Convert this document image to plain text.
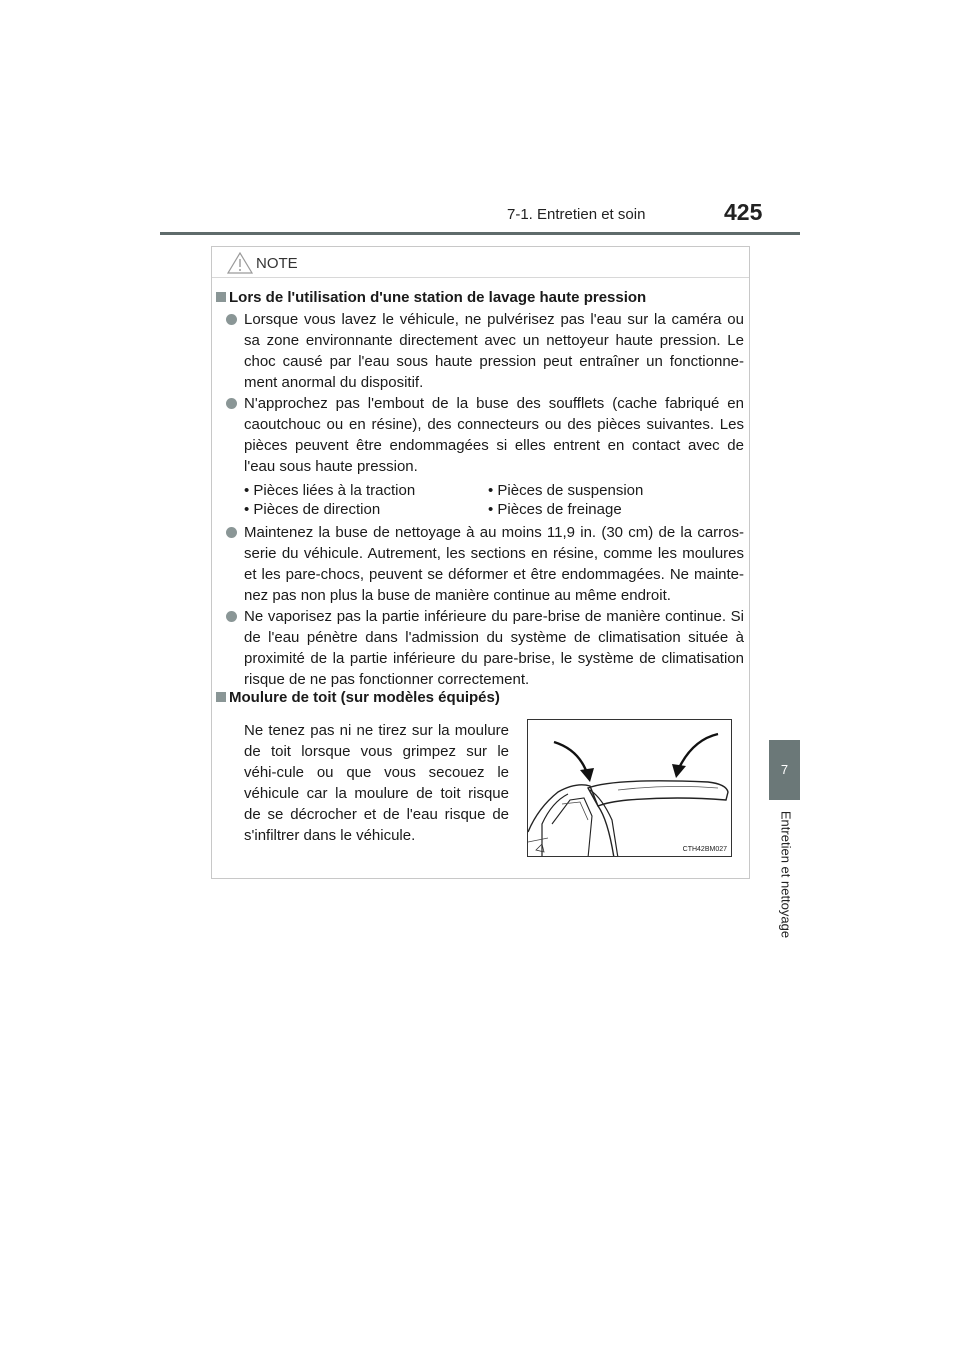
7-1. Entretien et soin	425
7
Entretien et nettoyage
NOTE
Lors de l'utilisation d'une station de lavage haute pression
Lorsque vous lavez le véhicule, ne pulvérisez pas l'eau sur la caméra ou sa zone environnante directement avec un nettoyeur haute pression. Le choc causé par l'eau sous haute pression peut entraîner un fonctionne-ment anormal du dispositif.
N'approchez pas l'embout de la buse des soufflets (cache fabriqué en caoutchouc ou en résine), des connecteurs ou des pièces suivantes. Les pièces peuvent être endommagées si elles entrent en contact avec de l'eau sous haute pression.
• Pièces liées à la traction	• Pièces de suspension
• Pièces de direction	• Pièces de freinage
Maintenez la buse de nettoyage à au moins 11,9 in. (30 cm) de la carros-serie du véhicule. Autrement, les sections en résine, comme les moulures et les pare-chocs, peuvent se déformer et être endommagées. Ne mainte-nez pas non plus la buse de manière continue au même endroit.
Ne vaporisez pas la partie inférieure du pare-brise de manière continue. Si de l'eau pénètre dans l'admission du système de climatisation située à proximité de la partie inférieure du pare-brise, le système de climatisation risque de ne pas fonctionner correctement.
Moulure de toit (sur modèles équipés)
Ne tenez pas ni ne tirez sur la moulure de toit lorsque vous grimpez sur le véhi-cule ou que vous secouez le véhicule car la moulure de toit risque de se décrocher et de l'eau risque de s'infiltrer dans le véhicule.
CTH42BM027
